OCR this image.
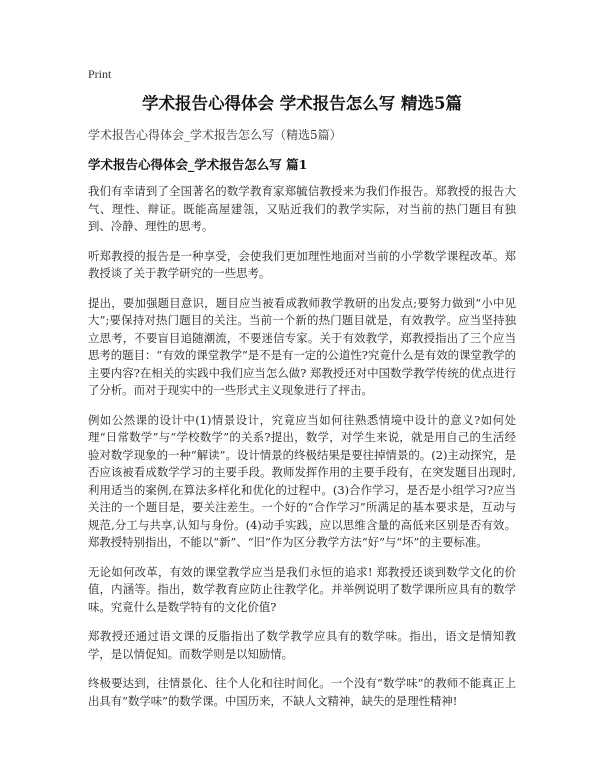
Print
学术报告心得体会 学术报告怎么写 精选5篇
学术报告心得体会_学术报告怎么写（精选5篇）
学术报告心得体会_学术报告怎么写 篇1

我们有幸请到了全国著名的数学教育家郑毓信教授来为我们作报告。郑教授的报告大气、理性、辩证。既能高屋建瓴，又贴近我们的教学实际，对当前的热门题目有独到、冷静、理性的思考。

听郑教授的报告是一种享受，会使我们更加理性地面对当前的小学数学课程改革。郑教授谈了关于教学研究的一些思考。

提出，要加强题目意识，题目应当被看成教师教学教研的出发点;要努力做到“小中见大”;要保持对热门题目的关注。当前一个新的热门题目就是，有效教学。应当坚持独立思考，不要盲目追随潮流，不要迷信专家。关于有效教学，郑教授指出了三个应当思考的题目：“有效的课堂教学”是不是有一定的公道性?究竟什么是有效的课堂教学的主要内容?在相关的实践中我们应当怎么做? 郑教授还对中国数学教学传统的优点进行了分析。而对于现实中的一些形式主义现象进行了抨击。

例如公然课的设计中(1)情景设计，究竟应当如何往熟悉情境中设计的意义?如何处理“日常数学”与“学校数学”的关系?提出，数学，对学生来说，就是用自己的生活经验对数学现象的一种“解读”。设计情景的终极结果是要往掉情景的。(2)主动探究，是否应该被看成数学学习的主要手段。教师发挥作用的主要手段有，在突发题目出现时,利用适当的案例,在算法多样化和优化的过程中。(3)合作学习，是否是小组学习?应当关注的一个题目是，要关注差生。一个好的“合作学习”所满足的基本要求是，互动与规范,分工与共享,认知与身份。(4)动手实践，应以思维含量的高低来区别是否有效。郑教授特别指出，不能以“新”、“旧”作为区分教学方法“好”与“坏”的主要标准。

无论如何改革，有效的课堂教学应当是我们永恒的追求! 郑教授还谈到数学文化的价值，内涵等。指出，数学教育应防止往教学化。并举例说明了数学课所应具有的数学味。究竟什么是数学特有的文化价值?

郑教授还通过语文课的反脂指出了数学教学应具有的数学味。指出，语文是情知教学，是以情促知。而数学则是以知励情。

终极要达到，往情景化、往个人化和往时间化。一个没有“数学味”的教师不能真正上出具有“数学味”的数学课。中国历来，不缺人文精神，缺失的是理性精神!
